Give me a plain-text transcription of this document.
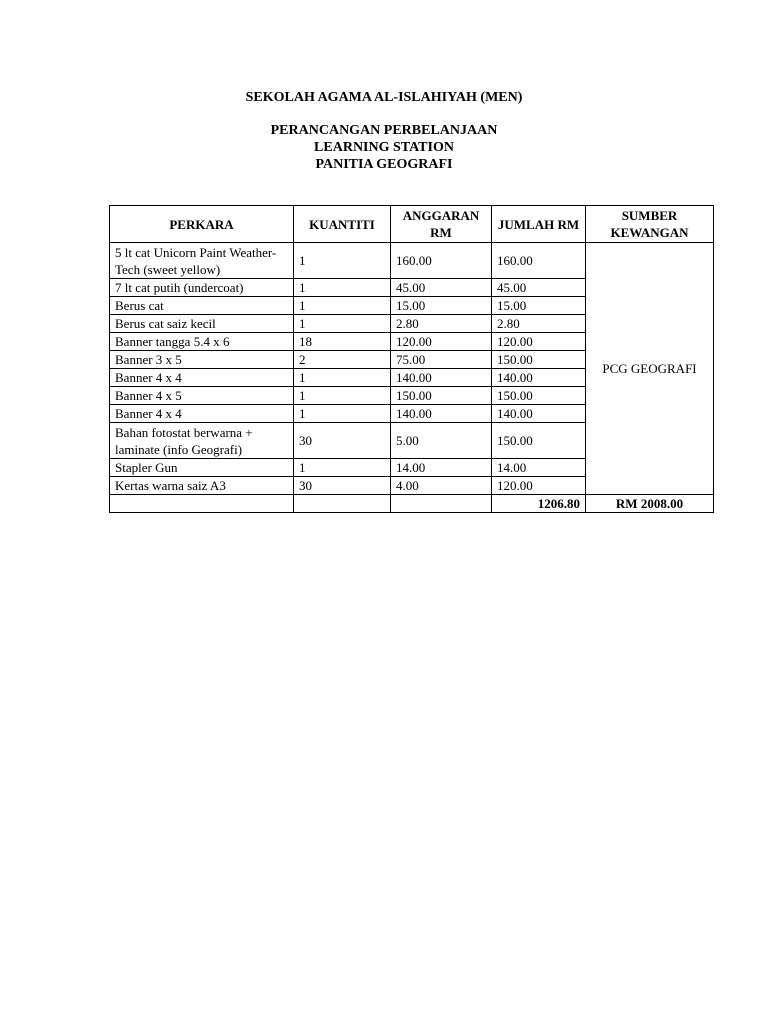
SEKOLAH AGAMA AL-ISLAHIYAH (MEN)
PERANCANGAN PERBELANJAAN
LEARNING STATION
PANITIA GEOGRAFI
PERKARA	KUANTITI	ANGGARAN RM	JUMLAH RM	SUMBER KEWANGAN
5 lt cat Unicorn Paint Weather-Tech (sweet yellow)	1	160.00	160.00	PCG GEOGRAFI
7 lt cat putih (undercoat)	1	45.00	45.00	
Berus cat	1	15.00	15.00	
Berus cat saiz kecil	1	2.80	2.80	
Banner tangga 5.4 x 6	18	120.00	120.00	
Banner 3 x 5	2	75.00	150.00	
Banner 4 x 4	1	140.00	140.00	
Banner 4 x 5	1	150.00	150.00	
Banner 4 x 4	1	140.00	140.00	
Bahan fotostat berwarna + laminate (info Geografi)	30	5.00	150.00	
Stapler Gun	1	14.00	14.00	
Kertas warna saiz A3	30	4.00	120.00	
			1206.80	RM 2008.00
